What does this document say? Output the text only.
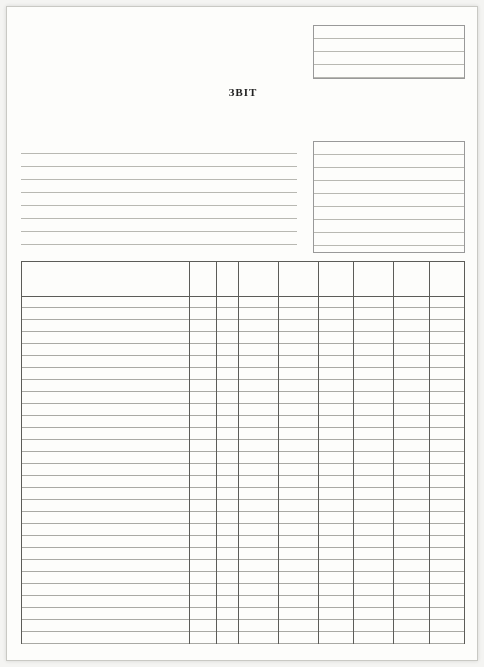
ЗВІТ
